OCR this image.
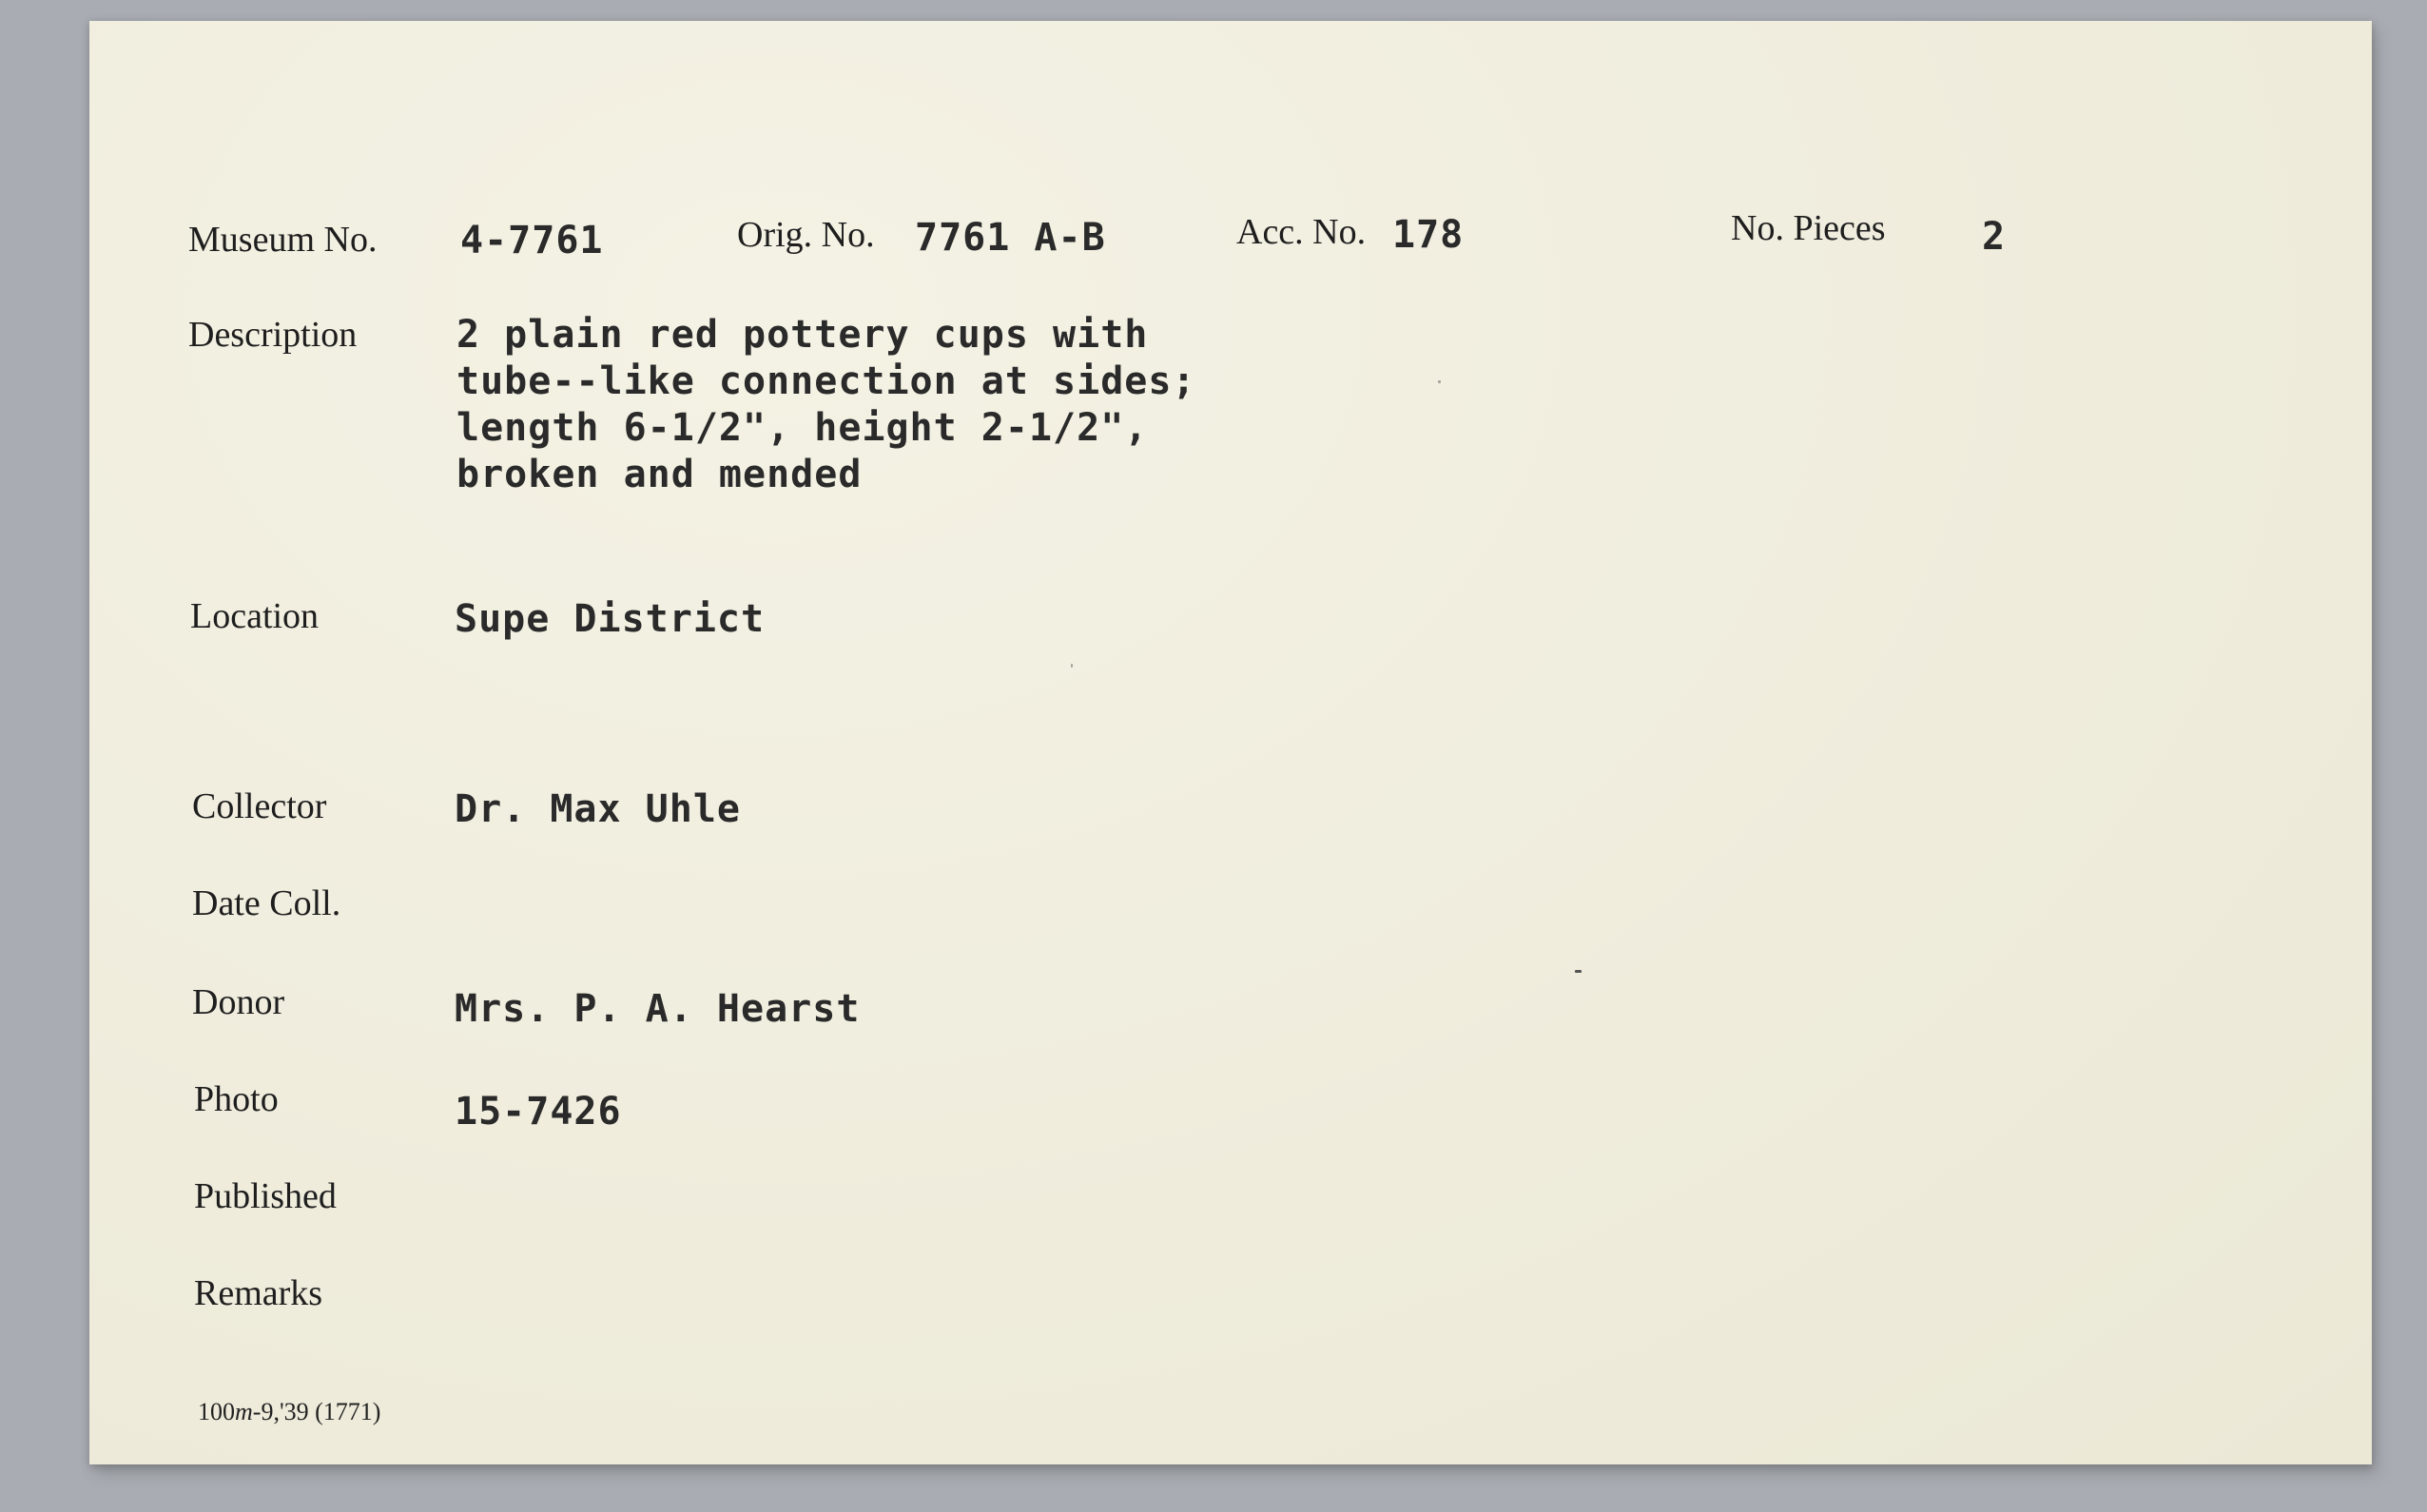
Museum No. 4-7761	Orig. No. 7761 A-B	Acc. No. 178	No. Pieces	2
Description	2 plain red pottery cups with
tube--like connection at sides;
length 6-1/2", height 2-1/2",
broken and mended
Location	Supe District
Collector	Dr. Max Uhle
Date Coll.
Donor	Mrs. P. A. Hearst
Photo	15-7426
Published
Remarks
100m-9,'39 (1771)
